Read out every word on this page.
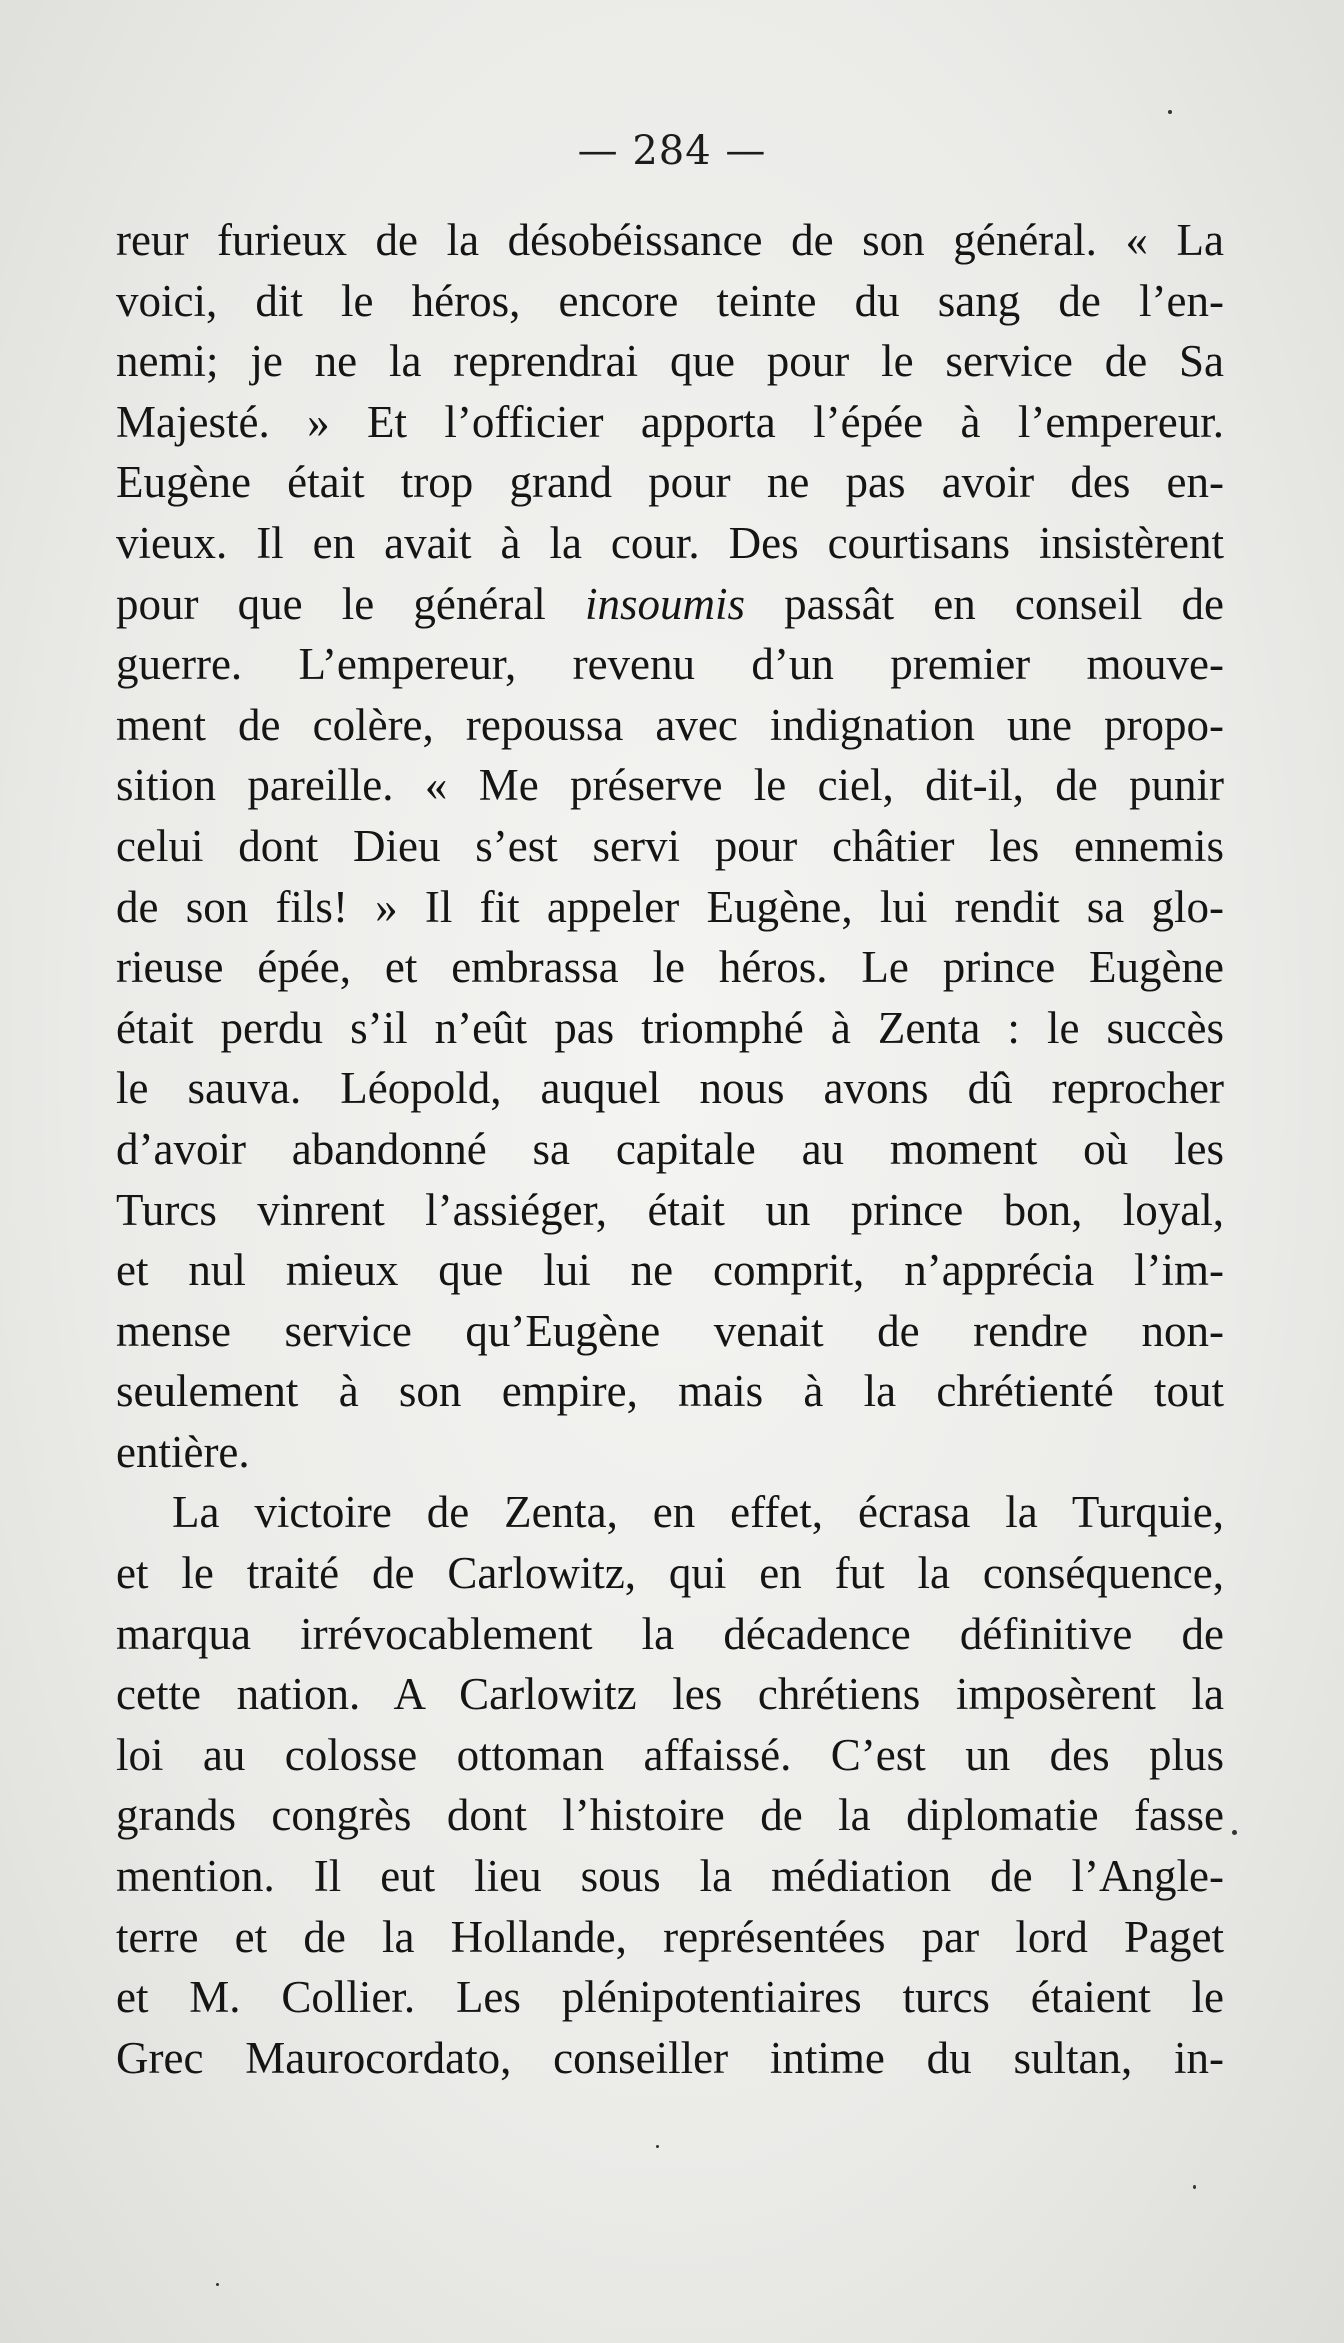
— 284 —
reur furieux de la désobéissance de son général. « La
voici, dit le héros, encore teinte du sang de l’en-
nemi; je ne la reprendrai que pour le service de Sa
Majesté. » Et l’officier apporta l’épée à l’empereur.
Eugène était trop grand pour ne pas avoir des en-
vieux. Il en avait à la cour. Des courtisans insistèrent
pour que le général insoumis passât en conseil de
guerre. L’empereur, revenu d’un premier mouve-
ment de colère, repoussa avec indignation une propo-
sition pareille. « Me préserve le ciel, dit-il, de punir
celui dont Dieu s’est servi pour châtier les ennemis
de son fils! » Il fit appeler Eugène, lui rendit sa glo-
rieuse épée, et embrassa le héros. Le prince Eugène
était perdu s’il n’eût pas triomphé à Zenta : le succès
le sauva. Léopold, auquel nous avons dû reprocher
d’avoir abandonné sa capitale au moment où les
Turcs vinrent l’assiéger, était un prince bon, loyal,
et nul mieux que lui ne comprit, n’apprécia l’im-
mense service qu’Eugène venait de rendre non-
seulement à son empire, mais à la chrétienté tout
entière.
La victoire de Zenta, en effet, écrasa la Turquie,
et le traité de Carlowitz, qui en fut la conséquence,
marqua irrévocablement la décadence définitive de
cette nation. A Carlowitz les chrétiens imposèrent la
loi au colosse ottoman affaissé. C’est un des plus
grands congrès dont l’histoire de la diplomatie fasse
mention. Il eut lieu sous la médiation de l’Angle-
terre et de la Hollande, représentées par lord Paget
et M. Collier. Les plénipotentiaires turcs étaient le
Grec Maurocordato, conseiller intime du sultan, in-
